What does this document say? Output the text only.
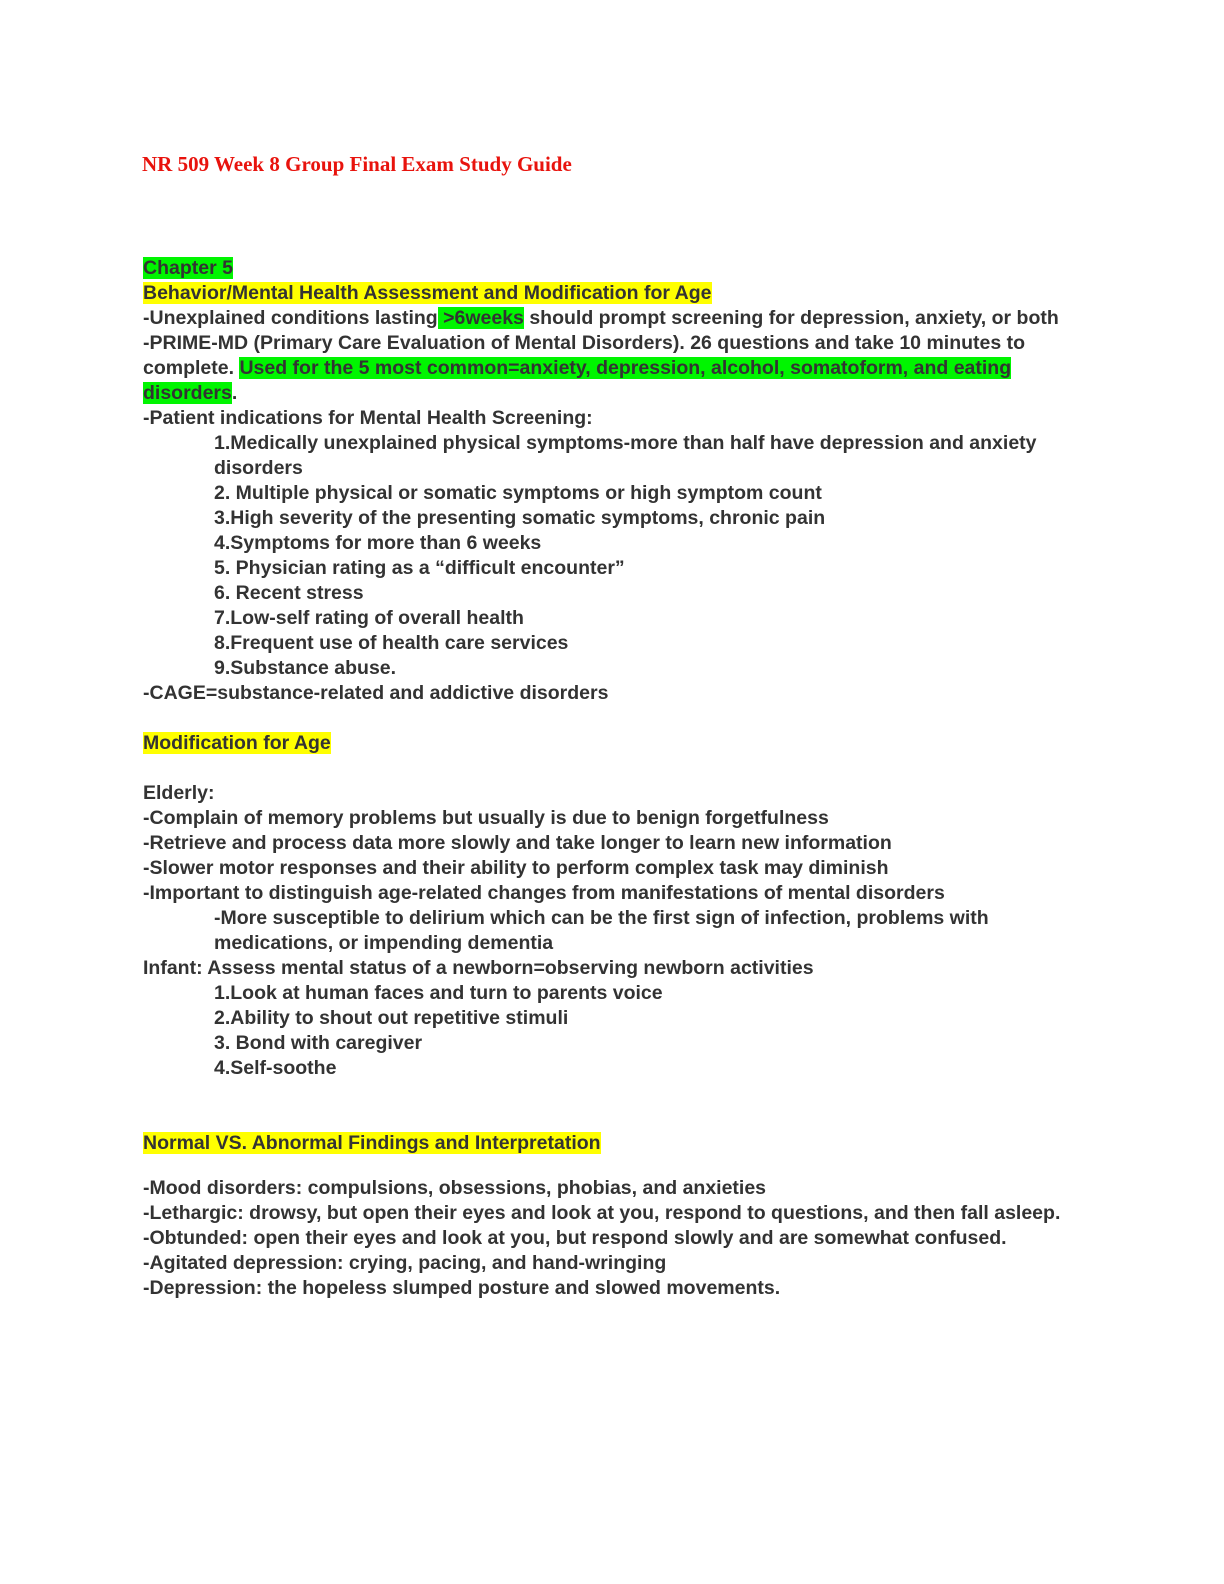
NR 509 Week 8 Group Final Exam Study Guide

Chapter 5

Behavior/Mental Health Assessment and Modification for Age

-Unexplained conditions lasting >6weeks should prompt screening for depression, anxiety, or both

-PRIME-MD (Primary Care Evaluation of Mental Disorders). 26 questions and take 10 minutes to complete. Used for the 5 most common=anxiety, depression, alcohol, somatoform, and eating disorders.

-Patient indications for Mental Health Screening:

1.Medically unexplained physical symptoms-more than half have depression and anxiety disorders

2. Multiple physical or somatic symptoms or high symptom count

3.High severity of the presenting somatic symptoms, chronic pain

4.Symptoms for more than 6 weeks

5. Physician rating as a “difficult encounter”

6. Recent stress

7.Low-self rating of overall health

8.Frequent use of health care services

9.Substance abuse.

-CAGE=substance-related and addictive disorders

Modification for Age

Elderly:

-Complain of memory problems but usually is due to benign forgetfulness

-Retrieve and process data more slowly and take longer to learn new information

-Slower motor responses and their ability to perform complex task may diminish

-Important to distinguish age-related changes from manifestations of mental disorders

-More susceptible to delirium which can be the first sign of infection, problems with medications, or impending dementia

Infant: Assess mental status of a newborn=observing newborn activities

1.Look at human faces and turn to parents voice

2.Ability to shout out repetitive stimuli

3. Bond with caregiver

4.Self-soothe

Normal VS. Abnormal Findings and Interpretation

-Mood disorders: compulsions, obsessions, phobias, and anxieties

-Lethargic: drowsy, but open their eyes and look at you, respond to questions, and then fall asleep.

-Obtunded: open their eyes and look at you, but respond slowly and are somewhat confused.

-Agitated depression: crying, pacing, and hand-wringing

-Depression: the hopeless slumped posture and slowed movements.
